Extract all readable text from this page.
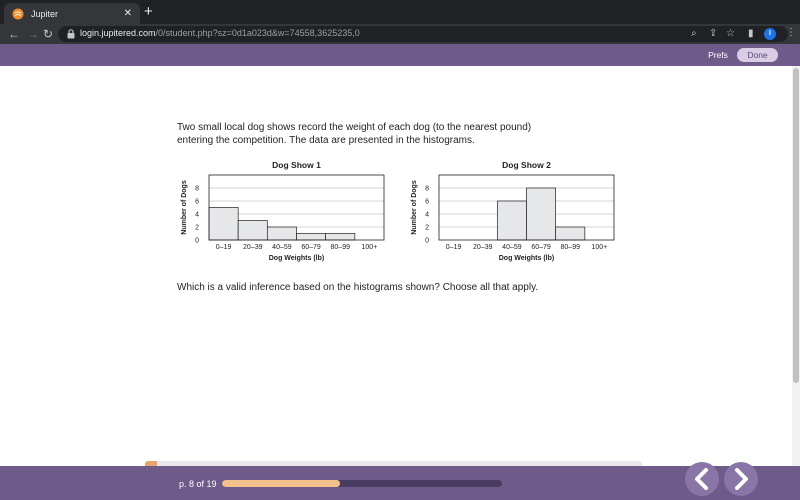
Jupiter	✕ +
← → ↻	login.jupitered.com/0/student.php?sz=0d1a023d&w=74558,3625235,0	⌕ ⇪ ☆ ▮	I	⋮
Prefs	Done
Two small local dog shows record the weight of each dog (to the nearest pound) entering the competition. The data are presented in the histograms.
Dog Show 1
0
2
4
6
8
0–19 20–39 40–59 60–79 80–99 100+
Dog Weights (lb)
Number of Dogs
Dog Show 2
0
2
4
6
8
0–19 20–39 40–59 60–79 80–99 100+
Dog Weights (lb)
Number of Dogs
Which is a valid inference based on the histograms shown? Choose all that apply.
p. 8 of 19
